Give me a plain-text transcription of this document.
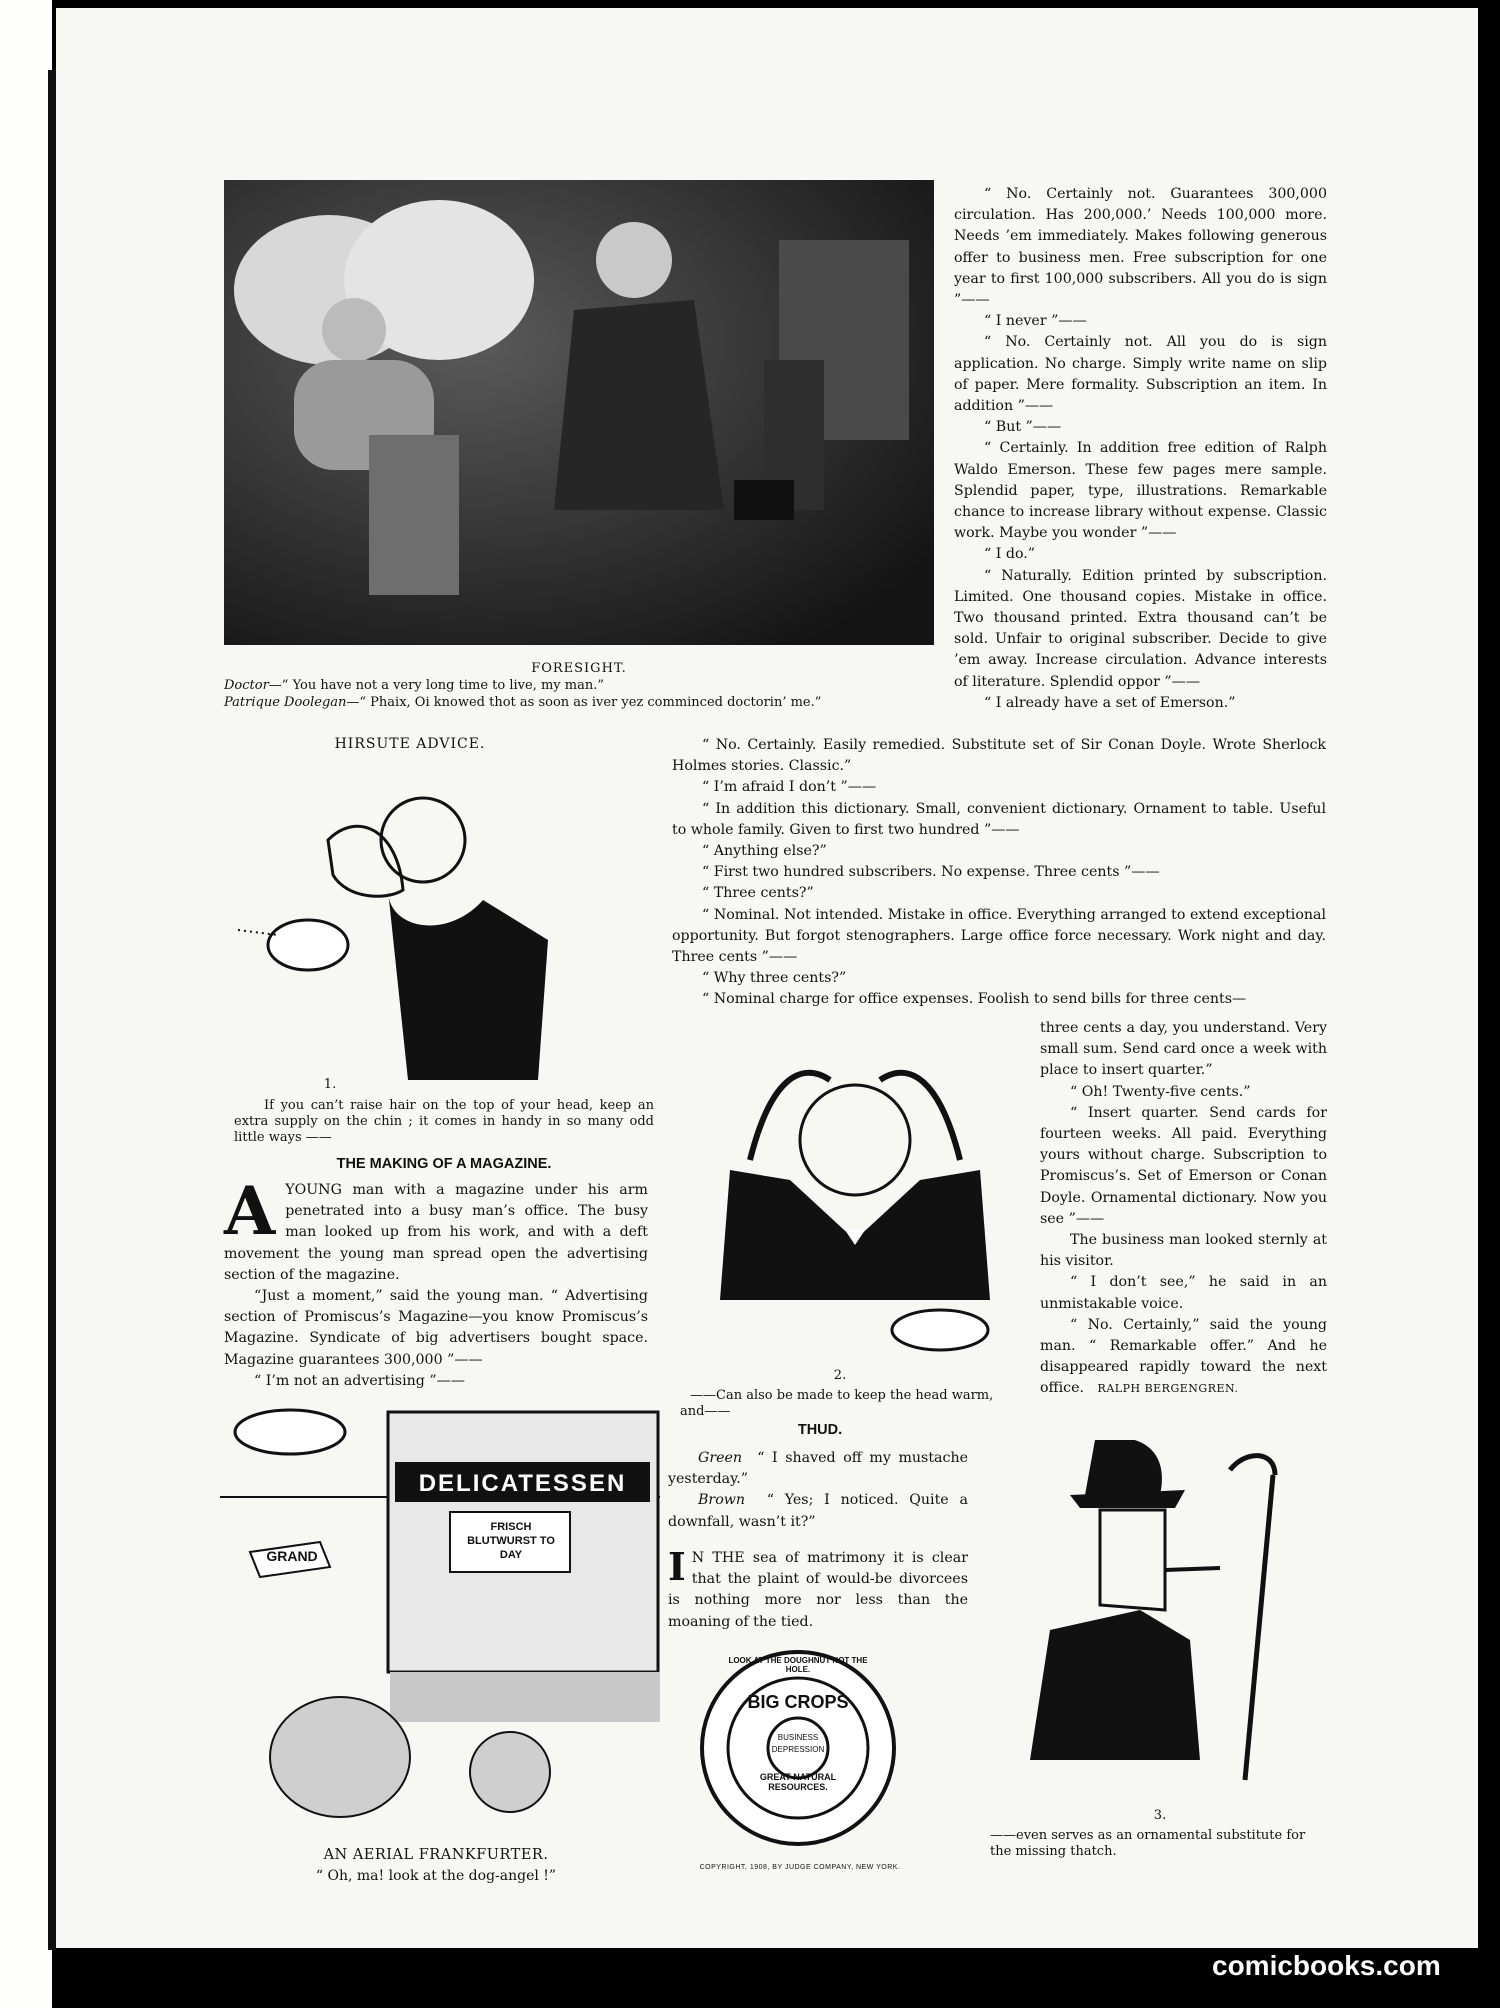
FORESIGHT.
Doctor—“ You have not a very long time to live, my man.”
Patrique Doolegan—“ Phaix, Oi knowed thot as soon as iver yez comminced doctorin’ me.”

“ No. Certainly not. Guarantees 300,000 circulation. Has 200,000.’ Needs 100,000 more. Needs ’em immediately. Makes following generous offer to business men. Free subscription for one year to first 100,000 subscribers. All you do is sign ”——

“ I never ”——

“ No. Certainly not. All you do is sign application. No charge. Simply write name on slip of paper. Mere formality. Subscription an item. In addition ”——

“ But ”——

“ Certainly. In addition free edition of Ralph Waldo Emerson. These few pages mere sample. Splendid paper, type, illustrations. Remarkable chance to increase library without expense. Classic work. Maybe you wonder ”——

“ I do.”

“ Naturally. Edition printed by subscription. Limited. One thousand copies. Mistake in office. Two thousand printed. Extra thousand can’t be sold. Unfair to original subscriber. Decide to give ’em away. Increase circulation. Advance interests of literature. Splendid oppor ”——

“ I already have a set of Emerson.”

HIRSUTE ADVICE.
1.
If you can’t raise hair on the top of your head, keep an extra supply on the chin ; it comes in handy in so many odd little ways ——
THE MAKING OF A MAGAZINE.
A YOUNG man with a magazine under his arm penetrated into a busy man’s office. The busy man looked up from his work, and with a deft movement the young man spread open the advertising section of the magazine.

“Just a moment,” said the young man. “ Advertising section of Promiscus’s Magazine—you know Promiscus’s Magazine. Syndicate of big advertisers bought space. Magazine guarantees 300,000 ”——

“ I’m not an advertising ”——

“ No. Certainly. Easily remedied. Substitute set of Sir Conan Doyle. Wrote Sherlock Holmes stories. Classic.”

“ I’m afraid I don’t ”——

“ In addition this dictionary. Small, convenient dictionary. Ornament to table. Useful to whole family. Given to first two hundred ”——

“ Anything else?”

“ First two hundred subscribers. No expense. Three cents ”——

“ Three cents?”

“ Nominal. Not intended. Mistake in office. Everything arranged to extend exceptional opportunity. But forgot stenographers. Large office force necessary. Work night and day. Three cents ”——

“ Why three cents?”

“ Nominal charge for office expenses. Foolish to send bills for three cents—

2.
——Can also be made to keep the head warm, and——

three cents a day, you understand. Very small sum. Send card once a week with place to insert quarter.”

“ Oh! Twenty-five cents.”

“ Insert quarter. Send cards for fourteen weeks. All paid. Everything yours without charge. Subscription to Promiscus’s. Set of Emerson or Conan Doyle. Ornamental dictionary. Now you see ”——

The business man looked sternly at his visitor.

“ I don’t see,” he said in an unmistakable voice.

“ No. Certainly,” said the young man. “ Remarkable offer.” And he disappeared rapidly toward the next office. RALPH BERGENGREN.

DELICATESSEN
FRISCH BLUTWURST TO DAY
GRAND
AN AERIAL FRANKFURTER.
“ Oh, ma! look at the dog-angel !”
THUD.

Green “ I shaved off my mustache yesterday.”

Brown “ Yes; I noticed. Quite a downfall, wasn’t it?”

I N THE sea of matrimony it is clear that the plaint of would-be divorcees is nothing more nor less than the moaning of the tied.
BIG CROPS
BUSINESS DEPRESSION
GREAT NATURAL RESOURCES.
LOOK AT THE DOUGHNUT NOT THE HOLE.
COPYRIGHT, 1908, BY JUDGE COMPANY, NEW YORK.
3.
——even serves as an ornamental substitute for the missing thatch.
comicbooks.com
